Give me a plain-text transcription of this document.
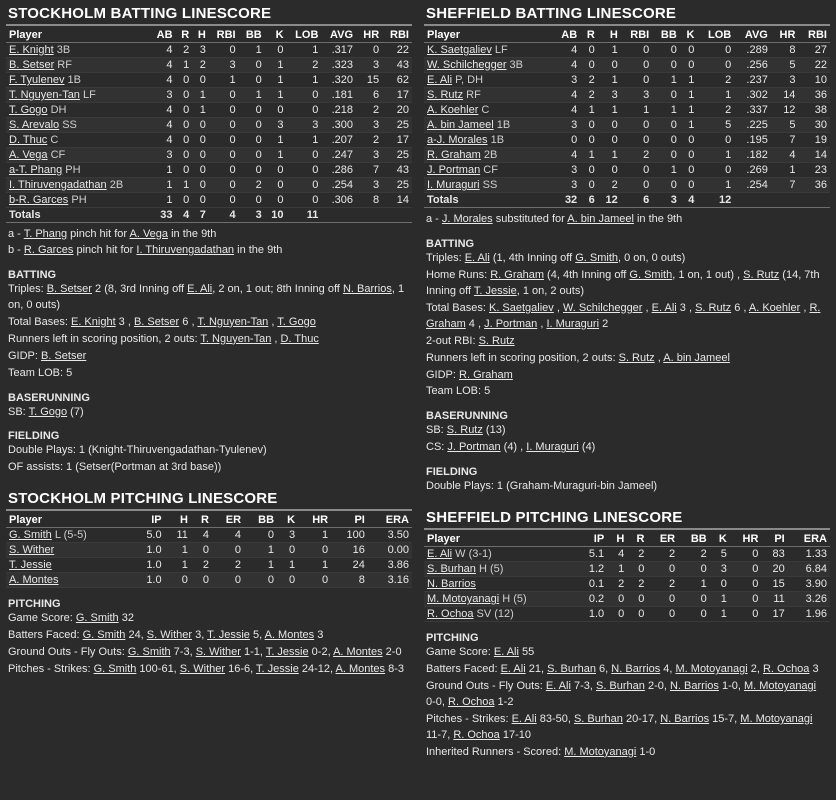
STOCKHOLM BATTING LINESCORE
Player	AB	R	H	RBI	BB	K	LOB	AVG	HR	RBI
E. Knight 3B	4	2	3	0	1	0	1	.317	0	22
B. Setser RF	4	1	2	3	0	1	2	.323	3	43
F. Tyulenev 1B	4	0	0	1	0	1	1	.320	15	62
T. Nguyen-Tan LF	3	0	1	0	1	1	0	.181	6	17
T. Gogo DH	4	0	1	0	0	0	0	.218	2	20
S. Arevalo SS	4	0	0	0	0	3	3	.300	3	25
D. Thuc C	4	0	0	0	0	1	1	.207	2	17
A. Vega CF	3	0	0	0	0	1	0	.247	3	25
a-T. Phang PH	1	0	0	0	0	0	0	.286	7	43
I. Thiruvengadathan 2B	1	1	0	0	2	0	0	.254	3	25
b-R. Garces PH	1	0	0	0	0	0	0	.306	8	14
Totals	33	4	7	4	3	10	11			
a - T. Phang pinch hit for A. Vega in the 9th
b - R. Garces pinch hit for I. Thiruvengadathan in the 9th
BATTING
Triples: B. Setser 2 (8, 3rd Inning off E. Ali, 2 on, 1 out; 8th Inning off N. Barrios, 1 on, 0 outs)
Total Bases: E. Knight 3 , B. Setser 6 , T. Nguyen-Tan , T. Gogo
Runners left in scoring position, 2 outs: T. Nguyen-Tan , D. Thuc
GIDP: B. Setser
Team LOB: 5
BASERUNNING
SB: T. Gogo (7)
FIELDING
Double Plays: 1 (Knight-Thiruvengadathan-Tyulenev)
OF assists: 1 (Setser(Portman at 3rd base))
STOCKHOLM PITCHING LINESCORE
Player	IP	H	R	ER	BB	K	HR	PI	ERA
G. Smith L (5-5)	5.0	11	4	4	0	3	1	100	3.50
S. Wither	1.0	1	0	0	1	0	0	16	0.00
T. Jessie	1.0	1	2	2	1	1	1	24	3.86
A. Montes	1.0	0	0	0	0	0	0	8	3.16
PITCHING
Game Score: G. Smith 32
Batters Faced: G. Smith 24, S. Wither 3, T. Jessie 5, A. Montes 3
Ground Outs - Fly Outs: G. Smith 7-3, S. Wither 1-1, T. Jessie 0-2, A. Montes 2-0
Pitches - Strikes: G. Smith 100-61, S. Wither 16-6, T. Jessie 24-12, A. Montes 8-3
SHEFFIELD BATTING LINESCORE
Player	AB	R	H	RBI	BB	K	LOB	AVG	HR	RBI
K. Saetgaliev LF	4	0	1	0	0	0	0	.289	8	27
W. Schilchegger 3B	4	0	0	0	0	0	0	.256	5	22
E. Ali P, DH	3	2	1	0	1	1	2	.237	3	10
S. Rutz RF	4	2	3	3	0	1	1	.302	14	36
A. Koehler C	4	1	1	1	1	1	2	.337	12	38
A. bin Jameel 1B	3	0	0	0	0	1	5	.225	5	30
a-J. Morales 1B	0	0	0	0	0	0	0	.195	7	19
R. Graham 2B	4	1	1	2	0	0	1	.182	4	14
J. Portman CF	3	0	0	0	1	0	0	.269	1	23
I. Muraguri SS	3	0	2	0	0	0	1	.254	7	36
Totals	32	6	12	6	3	4	12			
a - J. Morales substituted for A. bin Jameel in the 9th
BATTING
Triples: E. Ali (1, 4th Inning off G. Smith, 0 on, 0 outs)
Home Runs: R. Graham (4, 4th Inning off G. Smith, 1 on, 1 out) , S. Rutz (14, 7th Inning off T. Jessie, 1 on, 2 outs)
Total Bases: K. Saetgaliev , W. Schilchegger , E. Ali 3 , S. Rutz 6 , A. Koehler , R. Graham 4 , J. Portman , I. Muraguri 2
2-out RBI: S. Rutz
Runners left in scoring position, 2 outs: S. Rutz , A. bin Jameel
GIDP: R. Graham
Team LOB: 5
BASERUNNING
SB: S. Rutz (13)
CS: J. Portman (4) , I. Muraguri (4)
FIELDING
Double Plays: 1 (Graham-Muraguri-bin Jameel)
SHEFFIELD PITCHING LINESCORE
Player	IP	H	R	ER	BB	K	HR	PI	ERA
E. Ali W (3-1)	5.1	4	2	2	2	5	0	83	1.33
S. Burhan H (5)	1.2	1	0	0	0	3	0	20	6.84
N. Barrios	0.1	2	2	2	1	0	0	15	3.90
M. Motoyanagi H (5)	0.2	0	0	0	0	1	0	11	3.26
R. Ochoa SV (12)	1.0	0	0	0	0	1	0	17	1.96
PITCHING
Game Score: E. Ali 55
Batters Faced: E. Ali 21, S. Burhan 6, N. Barrios 4, M. Motoyanagi 2, R. Ochoa 3
Ground Outs - Fly Outs: E. Ali 7-3, S. Burhan 2-0, N. Barrios 1-0, M. Motoyanagi 0-0, R. Ochoa 1-2
Pitches - Strikes: E. Ali 83-50, S. Burhan 20-17, N. Barrios 15-7, M. Motoyanagi 11-7, R. Ochoa 17-10
Inherited Runners - Scored: M. Motoyanagi 1-0
